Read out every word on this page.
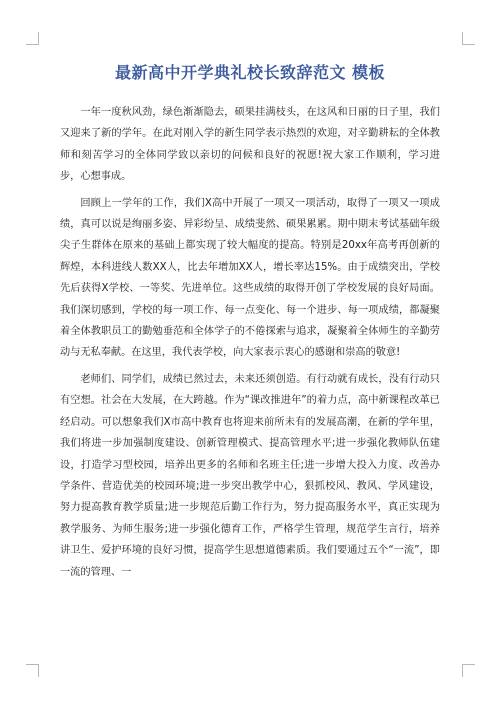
最新高中开学典礼校长致辞范文 模板

一年一度秋风劲，绿色渐渐隐去，硕果挂满枝头，在这风和日丽的日子里，我们又迎来了新的学年。在此对刚入学的新生同学表示热烈的欢迎，对辛勤耕耘的全体教师和刻苦学习的全体同学致以亲切的问候和良好的祝愿!祝大家工作顺利，学习进步，心想事成。

回顾上一学年的工作，我们X高中开展了一项又一项活动，取得了一项又一项成绩，真可以说是绚丽多姿、异彩纷呈、成绩斐然、硕果累累。期中期末考试基础年级尖子生群体在原来的基础上都实现了较大幅度的提高。特别是20xx年高考再创新的辉煌，本科进线人数XX人，比去年增加XX人，增长率达15%。由于成绩突出，学校先后获得X学校、一等奖、先进单位。这些成绩的取得开创了学校发展的良好局面。我们深切感到，学校的每一项工作、每一点变化、每一个进步、每一项成绩，都凝聚着全体教职员工的勤勉垂范和全体学子的不倦探索与追求，凝聚着全体师生的辛勤劳动与无私奉献。在这里，我代表学校，向大家表示衷心的感谢和崇高的敬意!

老师们、同学们，成绩已然过去，未来还须创造。有行动就有成长，没有行动只有空想。社会在大发展，在大跨越。作为“课改推进年”的着力点，高中新课程改革已经启动。可以想象我们X市高中教育也将迎来前所未有的发展高潮，在新的学年里，我们将进一步加强制度建设、创新管理模式、提高管理水平;进一步强化教师队伍建设，打造学习型校园，培养出更多的名师和名班主任;进一步增大投入力度、改善办学条件、营造优美的校园环境;进一步突出教学中心，狠抓校风、教风、学风建设，努力提高教育教学质量;进一步规范后勤工作行为，努力提高服务水平，真正实现为教学服务、为师生服务;进一步强化德育工作，严格学生管理，规范学生言行，培养讲卫生、爱护环境的良好习惯，提高学生思想道德素质。我们要通过五个“一流”，即一流的管理、一
